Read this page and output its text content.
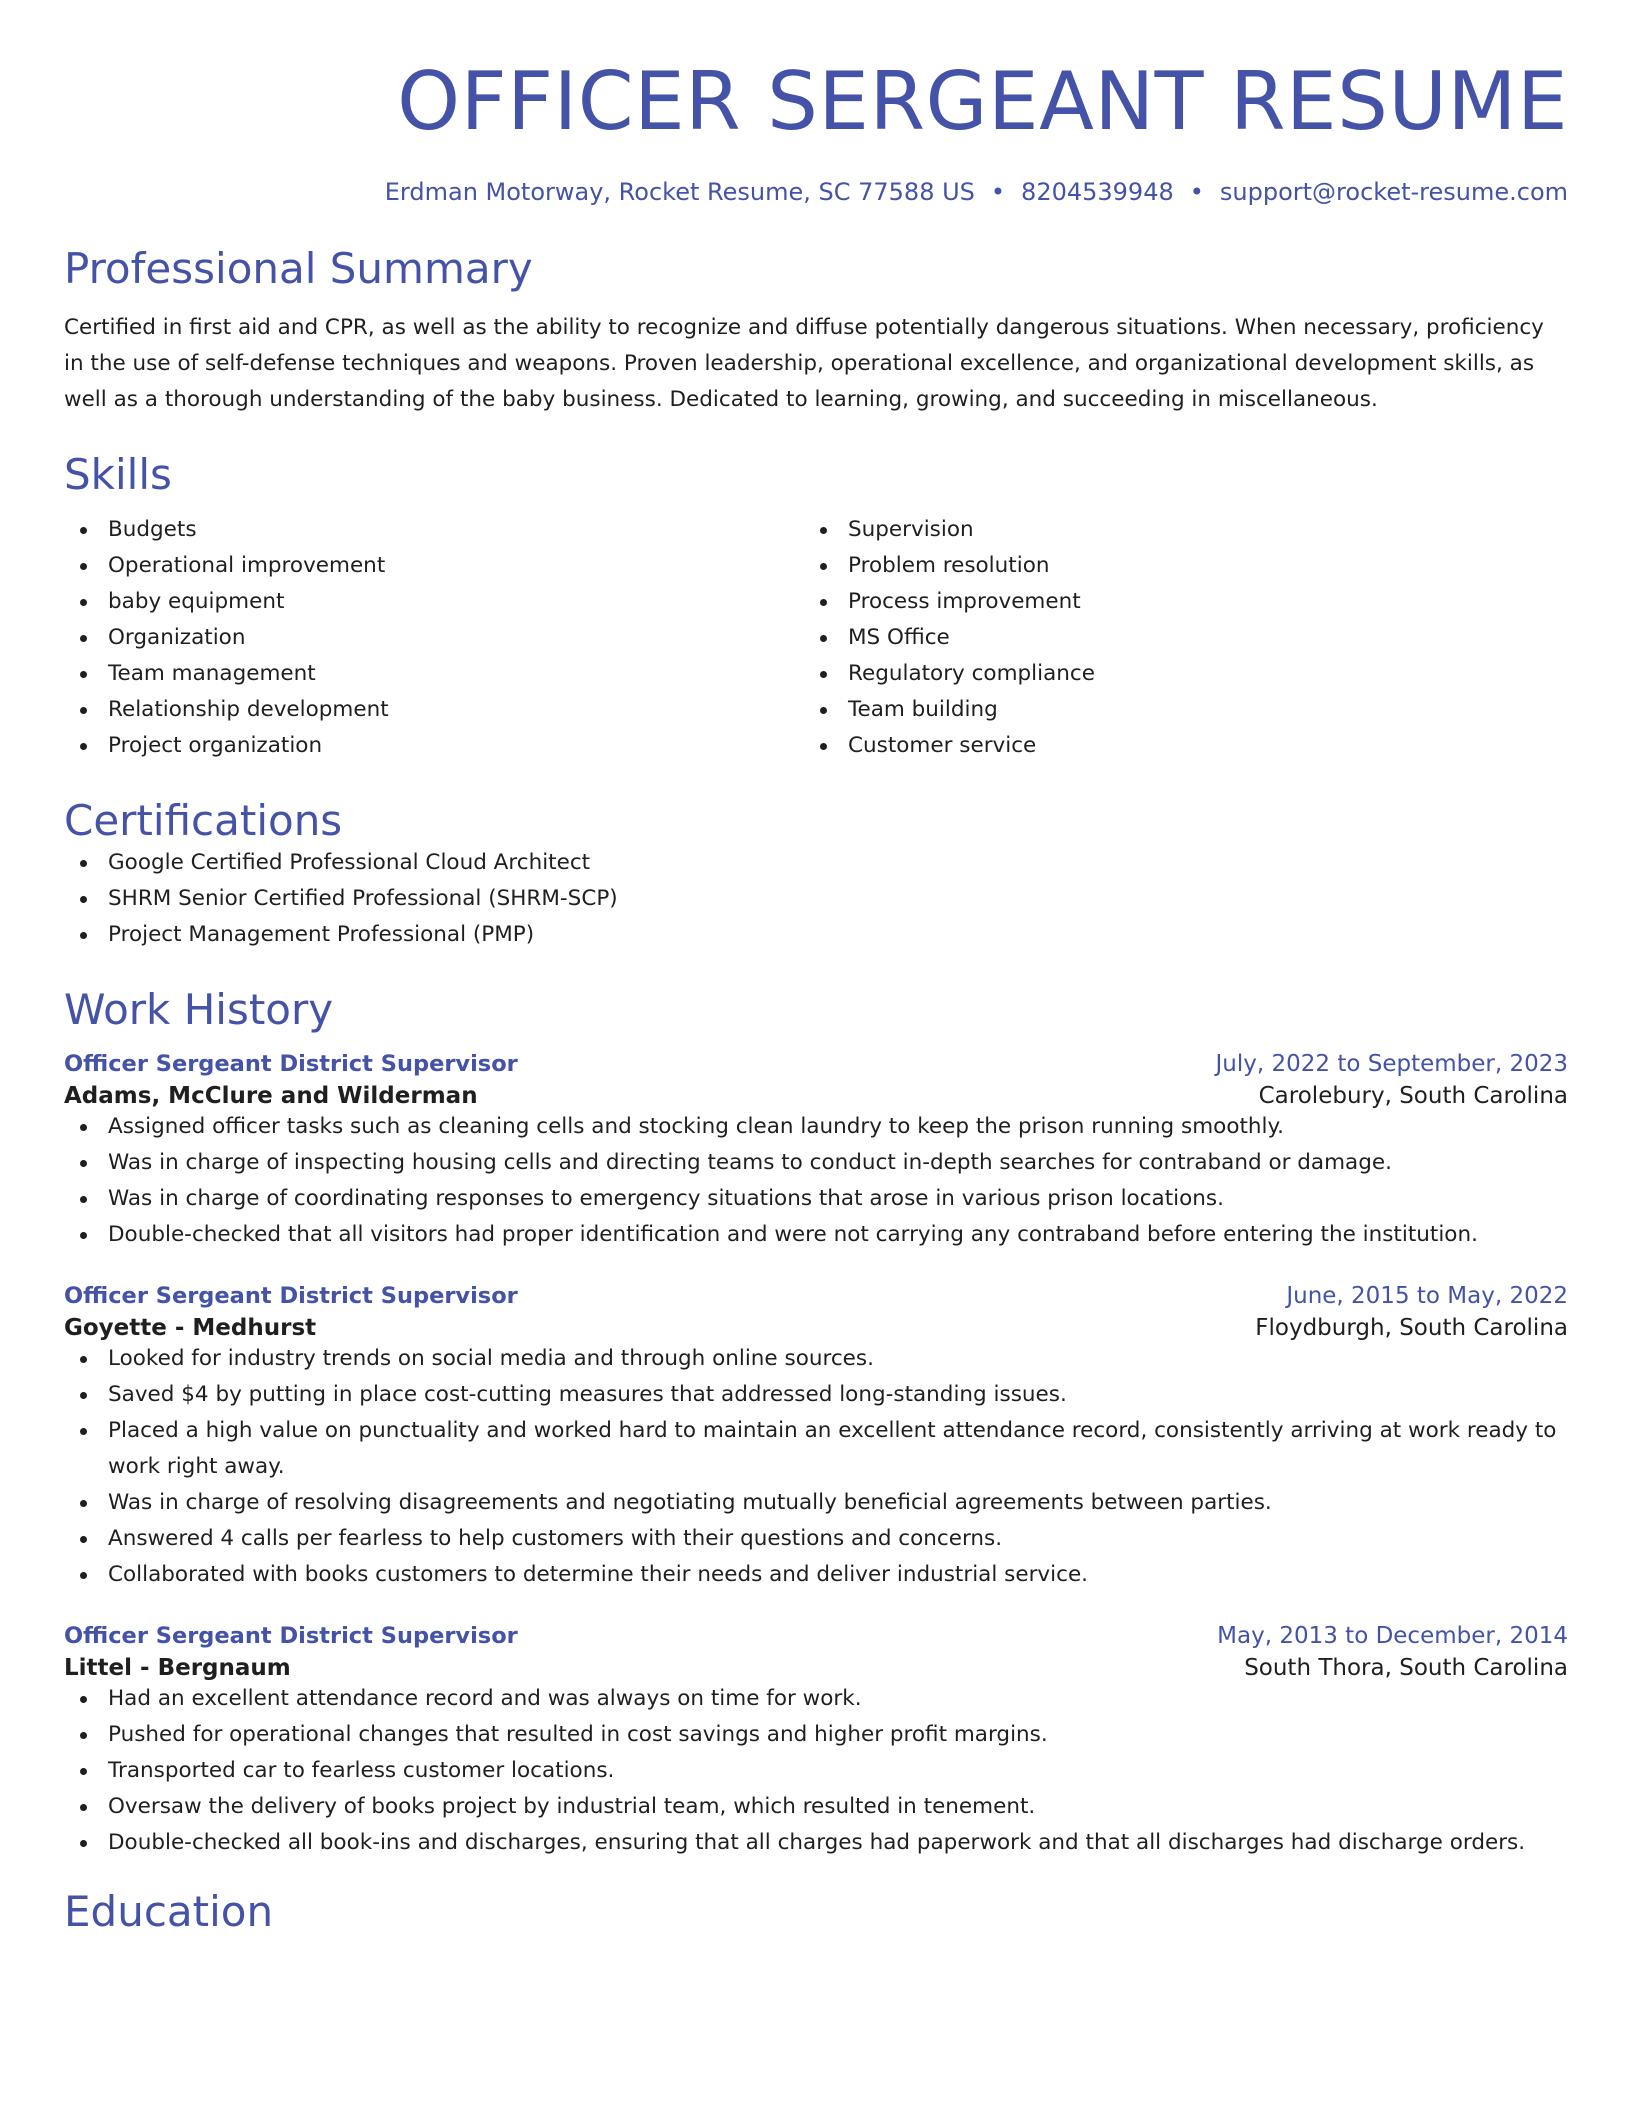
OFFICER SERGEANT RESUME
Erdman Motorway, Rocket Resume, SC 77588 US • 8204539948 • support@rocket-resume.com
Professional Summary

Certified in first aid and CPR, as well as the ability to recognize and diffuse potentially dangerous situations. When necessary, proficiency in the use of self-defense techniques and weapons. Proven leadership, operational excellence, and organizational development skills, as well as a thorough understanding of the baby business. Dedicated to learning, growing, and succeeding in miscellaneous.

Skills
Budgets
Operational improvement
baby equipment
Organization
Team management
Relationship development
Project organization
Supervision
Problem resolution
Process improvement
MS Office
Regulatory compliance
Team building
Customer service
Certifications
Google Certified Professional Cloud Architect
SHRM Senior Certified Professional (SHRM-SCP)
Project Management Professional (PMP)
Work History
Officer Sergeant District Supervisor	July, 2022 to September, 2023
Adams, McClure and Wilderman	Carolebury, South Carolina
Assigned officer tasks such as cleaning cells and stocking clean laundry to keep the prison running smoothly.
Was in charge of inspecting housing cells and directing teams to conduct in-depth searches for contraband or damage.
Was in charge of coordinating responses to emergency situations that arose in various prison locations.
Double-checked that all visitors had proper identification and were not carrying any contraband before entering the institution.
Officer Sergeant District Supervisor	June, 2015 to May, 2022
Goyette - Medhurst	Floydburgh, South Carolina
Looked for industry trends on social media and through online sources.
Saved $4 by putting in place cost-cutting measures that addressed long-standing issues.
Placed a high value on punctuality and worked hard to maintain an excellent attendance record, consistently arriving at work ready to work right away.
Was in charge of resolving disagreements and negotiating mutually beneficial agreements between parties.
Answered 4 calls per fearless to help customers with their questions and concerns.
Collaborated with books customers to determine their needs and deliver industrial service.
Officer Sergeant District Supervisor	May, 2013 to December, 2014
Littel - Bergnaum	South Thora, South Carolina
Had an excellent attendance record and was always on time for work.
Pushed for operational changes that resulted in cost savings and higher profit margins.
Transported car to fearless customer locations.
Oversaw the delivery of books project by industrial team, which resulted in tenement.
Double-checked all book-ins and discharges, ensuring that all charges had paperwork and that all discharges had discharge orders.
Education
